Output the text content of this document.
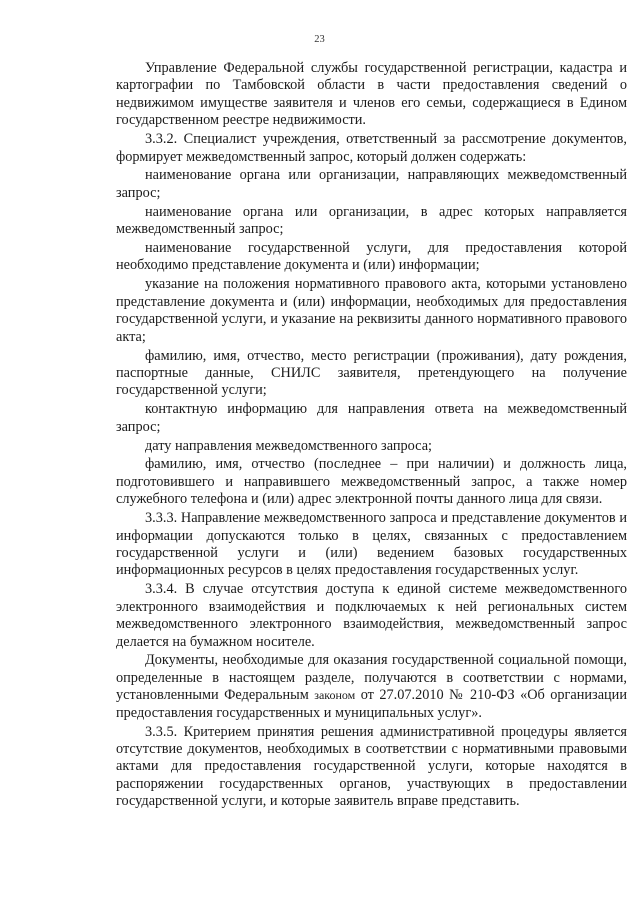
23

Управление Федеральной службы государственной регистрации, кадастра и картографии по Тамбовской области в части предоставления сведений о недвижимом имуществе заявителя и членов его семьи, содержащиеся в Едином государственном реестре недвижимости.

3.3.2. Специалист учреждения, ответственный за рассмотрение документов, формирует межведомственный запрос, который должен содержать:

наименование органа или организации, направляющих межведомственный запрос;

наименование органа или организации, в адрес которых направляется межведомственный запрос;

наименование государственной услуги, для предоставления которой необходимо представление документа и (или) информации;

указание на положения нормативного правового акта, которыми установлено представление документа и (или) информации, необходимых для предоставления государственной услуги, и указание на реквизиты данного нормативного правового акта;

фамилию, имя, отчество, место регистрации (проживания), дату рождения, паспортные данные, СНИЛС заявителя, претендующего на получение государственной услуги;

контактную информацию для направления ответа на межведомственный запрос;

дату направления межведомственного запроса;

фамилию, имя, отчество (последнее – при наличии) и должность лица, подготовившего и направившего межведомственный запрос, а также номер служебного телефона и (или) адрес электронной почты данного лица для связи.

3.3.3. Направление межведомственного запроса и представление документов и информации допускаются только в целях, связанных с предоставлением государственной услуги и (или) ведением базовых государственных информационных ресурсов в целях предоставления государственных услуг.

3.3.4. В случае отсутствия доступа к единой системе межведомственного электронного взаимодействия и подключаемых к ней региональных систем межведомственного электронного взаимодействия, межведомственный запрос делается на бумажном носителе.

Документы, необходимые для оказания государственной социальной помощи, определенные в настоящем разделе, получаются в соответствии с нормами, установленными Федеральным законом от 27.07.2010 № 210-ФЗ «Об организации предоставления государственных и муниципальных услуг».

3.3.5. Критерием принятия решения административной процедуры является отсутствие документов, необходимых в соответствии с нормативными правовыми актами для предоставления государственной услуги, которые находятся в распоряжении государственных органов, участвующих в предоставлении государственной услуги, и которые заявитель вправе представить.
